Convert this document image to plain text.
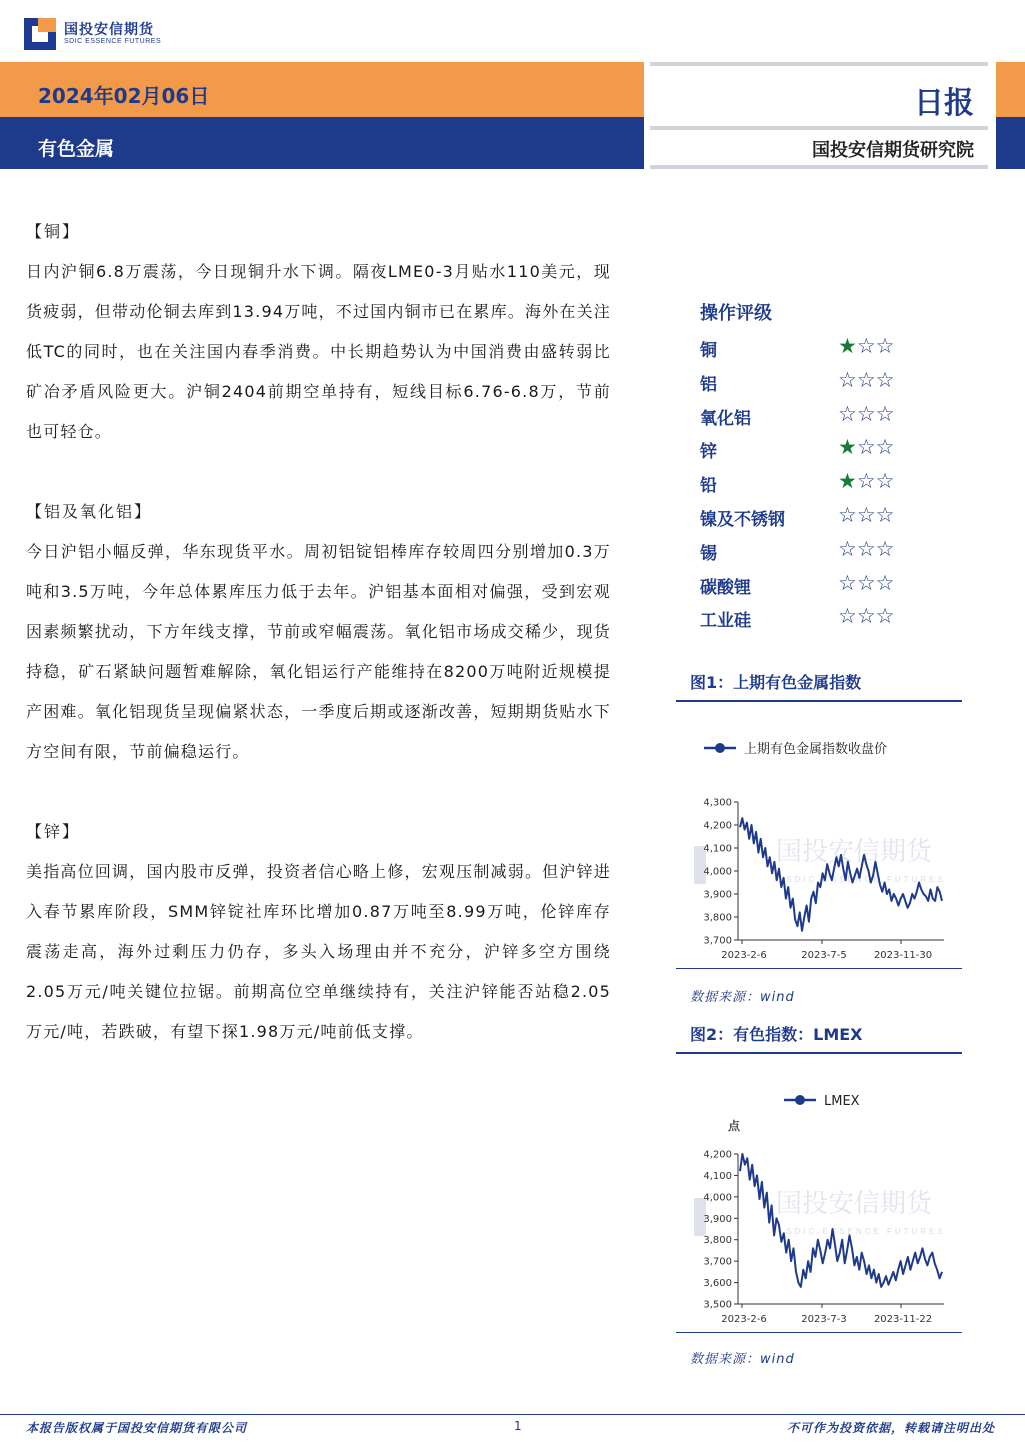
国投安信期货
SDIC ESSENCE FUTURES
2024年02月06日
有色金属
日报
国投安信期货研究院
【铜】
日内沪铜6.8万震荡，今日现铜升水下调。隔夜LME0-3月贴水110美元，现货疲弱，但带动伦铜去库到13.94万吨，不过国内铜市已在累库。海外在关注低TC的同时，也在关注国内春季消费。中长期趋势认为中国消费由盛转弱比矿冶矛盾风险更大。沪铜2404前期空单持有，短线目标6.76-6.8万，节前也可轻仓。
【铝及氧化铝】
今日沪铝小幅反弹，华东现货平水。周初铝锭铝棒库存较周四分别增加0.3万吨和3.5万吨，今年总体累库压力低于去年。沪铝基本面相对偏强，受到宏观因素频繁扰动，下方年线支撑，节前或窄幅震荡。氧化铝市场成交稀少，现货持稳，矿石紧缺问题暂难解除，氧化铝运行产能维持在8200万吨附近规模提产困难。氧化铝现货呈现偏紧状态，一季度后期或逐渐改善，短期期货贴水下方空间有限，节前偏稳运行。
【锌】
美指高位回调，国内股市反弹，投资者信心略上修，宏观压制减弱。但沪锌进入春节累库阶段，SMM锌锭社库环比增加0.87万吨至8.99万吨，伦锌库存震荡走高，海外过剩压力仍存，多头入场理由并不充分，沪锌多空方围绕2.05万元/吨关键位拉锯。前期高位空单继续持有，关注沪锌能否站稳2.05万元/吨，若跌破，有望下探1.98万元/吨前低支撑。
操作评级
铜	★☆☆
铝	☆☆☆
氧化铝	☆☆☆
锌	★☆☆
铅	★☆☆
镍及不锈钢	☆☆☆
锡	☆☆☆
碳酸锂	☆☆☆
工业硅	☆☆☆
图1：上期有色金属指数
国投安信期货
SDIC ESSENCE FUTURES
上期有色金属指数收盘价
4,300
4,200
4,100
4,000
3,900
3,800
3,700
2023-2-6	2023-7-5	2023-11-30
数据来源：wind
图2：有色指数：LMEX
国投安信期货
SDIC ESSENCE FUTURES
LMEX
点
4,200
4,100
4,000
3,900
3,800
3,700
3,600
3,500
2023-2-6	2023-7-3	2023-11-22
数据来源：wind
本报告版权属于国投安信期货有限公司	1	不可作为投资依据，转载请注明出处
